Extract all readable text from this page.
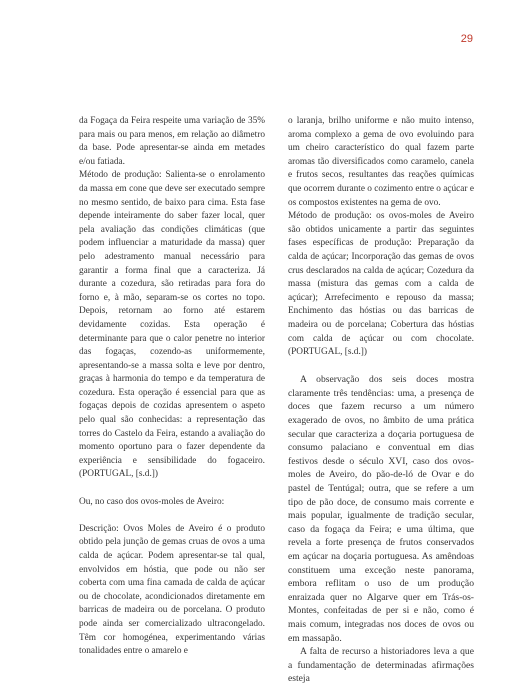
29

da Fogaça da Feira respeite uma variação de 35% para mais ou para menos, em relação ao diâmetro da base. Pode apresentar-se ainda em metades e/ou fatiada.

Método de produção: Salienta-se o enrolamento da massa em cone que deve ser executado sempre no mesmo sentido, de baixo para cima. Esta fase depende inteiramente do saber fazer local, quer pela avaliação das condições climáticas (que podem influenciar a maturidade da massa) quer pelo adestramento manual necessário para garantir a forma final que a caracteriza. Já durante a cozedura, são retiradas para fora do forno e, à mão, separam-se os cortes no topo. Depois, retornam ao forno até estarem devidamente cozidas. Esta operação é determinante para que o calor penetre no interior das fogaças, cozendo-as uniformemente, apresentando-se a massa solta e leve por dentro, graças à harmonia do tempo e da temperatura de cozedura. Esta operação é essencial para que as fogaças depois de cozidas apresentem o aspeto pelo qual são conhecidas: a representação das torres do Castelo da Feira, estando a avaliação do momento oportuno para o fazer dependente da experiência e sensibilidade do fogaceiro. (PORTUGAL, [s.d.])

Ou, no caso dos ovos-moles de Aveiro:

Descrição: Ovos Moles de Aveiro é o produto obtido pela junção de gemas cruas de ovos a uma calda de açúcar. Podem apresentar-se tal qual, envolvidos em hóstia, que pode ou não ser coberta com uma fina camada de calda de açúcar ou de chocolate, acondicionados diretamente em barricas de madeira ou de porcelana. O produto pode ainda ser comercializado ultracongelado. Têm cor homogénea, experimentando várias tonalidades entre o amarelo e

o laranja, brilho uniforme e não muito intenso, aroma complexo a gema de ovo evoluindo para um cheiro característico do qual fazem parte aromas tão diversificados como caramelo, canela e frutos secos, resultantes das reações químicas que ocorrem durante o cozimento entre o açúcar e os compostos existentes na gema de ovo.

Método de produção: os ovos-moles de Aveiro são obtidos unicamente a partir das seguintes fases específicas de produção: Preparação da calda de açúcar; Incorporação das gemas de ovos crus desclarados na calda de açúcar; Cozedura da massa (mistura das gemas com a calda de açúcar); Arrefecimento e repouso da massa; Enchimento das hóstias ou das barricas de madeira ou de porcelana; Cobertura das hóstias com calda de açúcar ou com chocolate. (PORTUGAL, [s.d.])

A observação dos seis doces mostra claramente três tendências: uma, a presença de doces que fazem recurso a um número exagerado de ovos, no âmbito de uma prática secular que caracteriza a doçaria portuguesa de consumo palaciano e conventual em dias festivos desde o século XVI, caso dos ovos-moles de Aveiro, do pão-de-ló de Ovar e do pastel de Tentúgal; outra, que se refere a um tipo de pão doce, de consumo mais corrente e mais popular, igualmente de tradição secular, caso da fogaça da Feira; e uma última, que revela a forte presença de frutos conservados em açúcar na doçaria portuguesa. As amêndoas constituem uma exceção neste panorama, embora reflitam o uso de um produção enraizada quer no Algarve quer em Trás-os-Montes, confeitadas de per si e não, como é mais comum, integradas nos doces de ovos ou em massapão.

A falta de recurso a historiadores leva a que a fundamentação de determinadas afirmações esteja
